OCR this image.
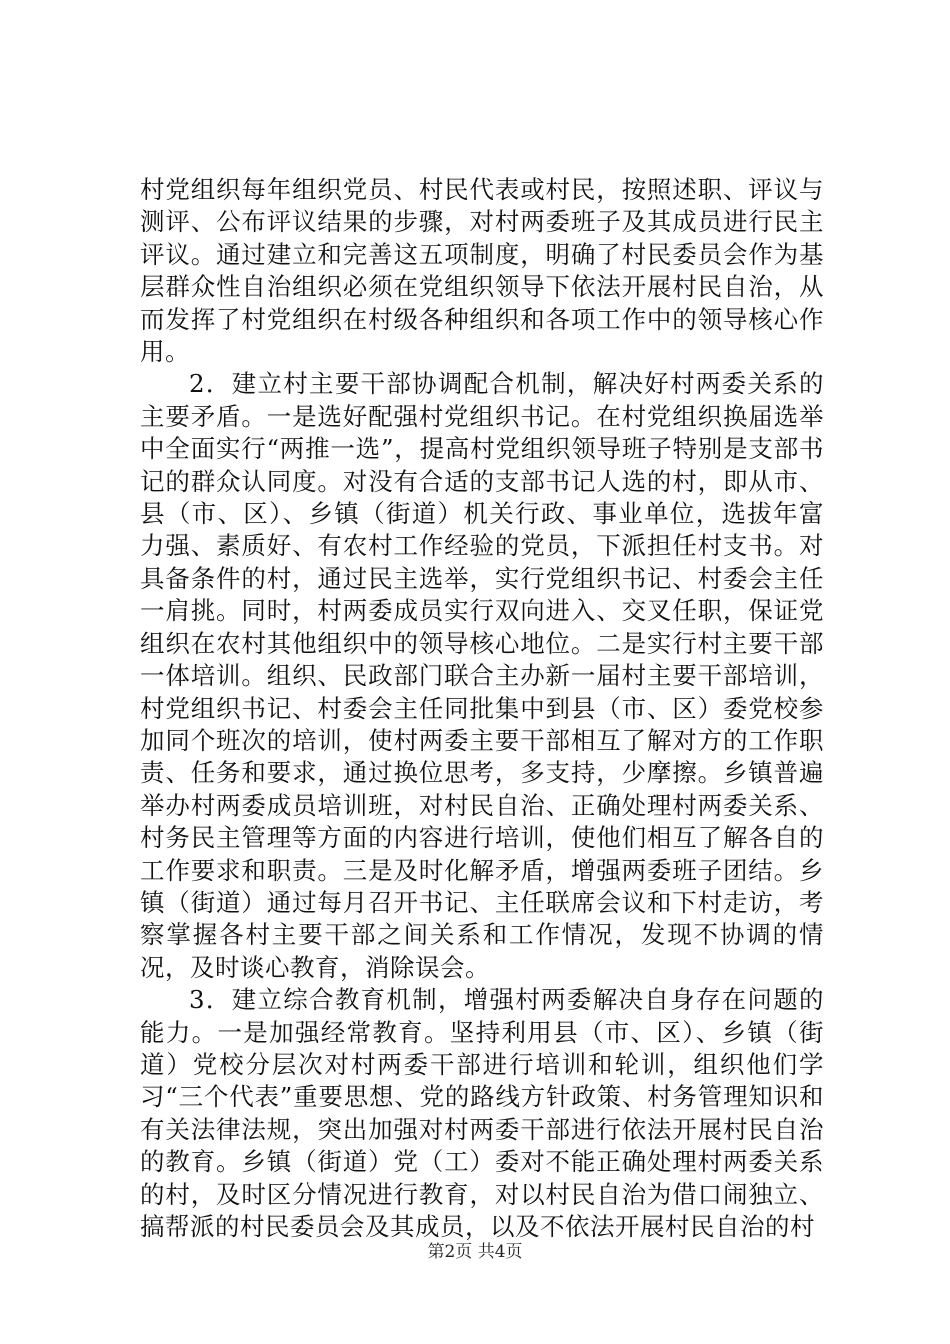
村党组织每年组织党员、村民代表或村民，按照述职、评议与测评、公布评议结果的步骤，对村两委班子及其成员进行民主评议。通过建立和完善这五项制度，明确了村民委员会作为基层群众性自治组织必须在党组织领导下依法开展村民自治，从而发挥了村党组织在村级各种组织和各项工作中的领导核心作用。

2．建立村主要干部协调配合机制，解决好村两委关系的主要矛盾。一是选好配强村党组织书记。在村党组织换届选举中全面实行“两推一选”，提高村党组织领导班子特别是支部书记的群众认同度。对没有合适的支部书记人选的村，即从市、县（市、区）、乡镇（街道）机关行政、事业单位，选拔年富力强、素质好、有农村工作经验的党员，下派担任村支书。对具备条件的村，通过民主选举，实行党组织书记、村委会主任一肩挑。同时，村两委成员实行双向进入、交叉任职，保证党组织在农村其他组织中的领导核心地位。二是实行村主要干部一体培训。组织、民政部门联合主办新一届村主要干部培训，村党组织书记、村委会主任同批集中到县（市、区）委党校参加同个班次的培训，使村两委主要干部相互了解对方的工作职责、任务和要求，通过换位思考，多支持，少摩擦。乡镇普遍举办村两委成员培训班，对村民自治、正确处理村两委关系、村务民主管理等方面的内容进行培训，使他们相互了解各自的工作要求和职责。三是及时化解矛盾，增强两委班子团结。乡镇（街道）通过每月召开书记、主任联席会议和下村走访，考察掌握各村主要干部之间关系和工作情况，发现不协调的情况，及时谈心教育，消除误会。

3．建立综合教育机制，增强村两委解决自身存在问题的能力。一是加强经常教育。坚持利用县（市、区）、乡镇（街道）党校分层次对村两委干部进行培训和轮训，组织他们学习“三个代表”重要思想、党的路线方针政策、村务管理知识和有关法律法规，突出加强对村两委干部进行依法开展村民自治的教育。乡镇（街道）党（工）委对不能正确处理村两委关系的村，及时区分情况进行教育，对以村民自治为借口闹独立、搞帮派的村民委员会及其成员，以及不依法开展村民自治的村

第2页 共4页
